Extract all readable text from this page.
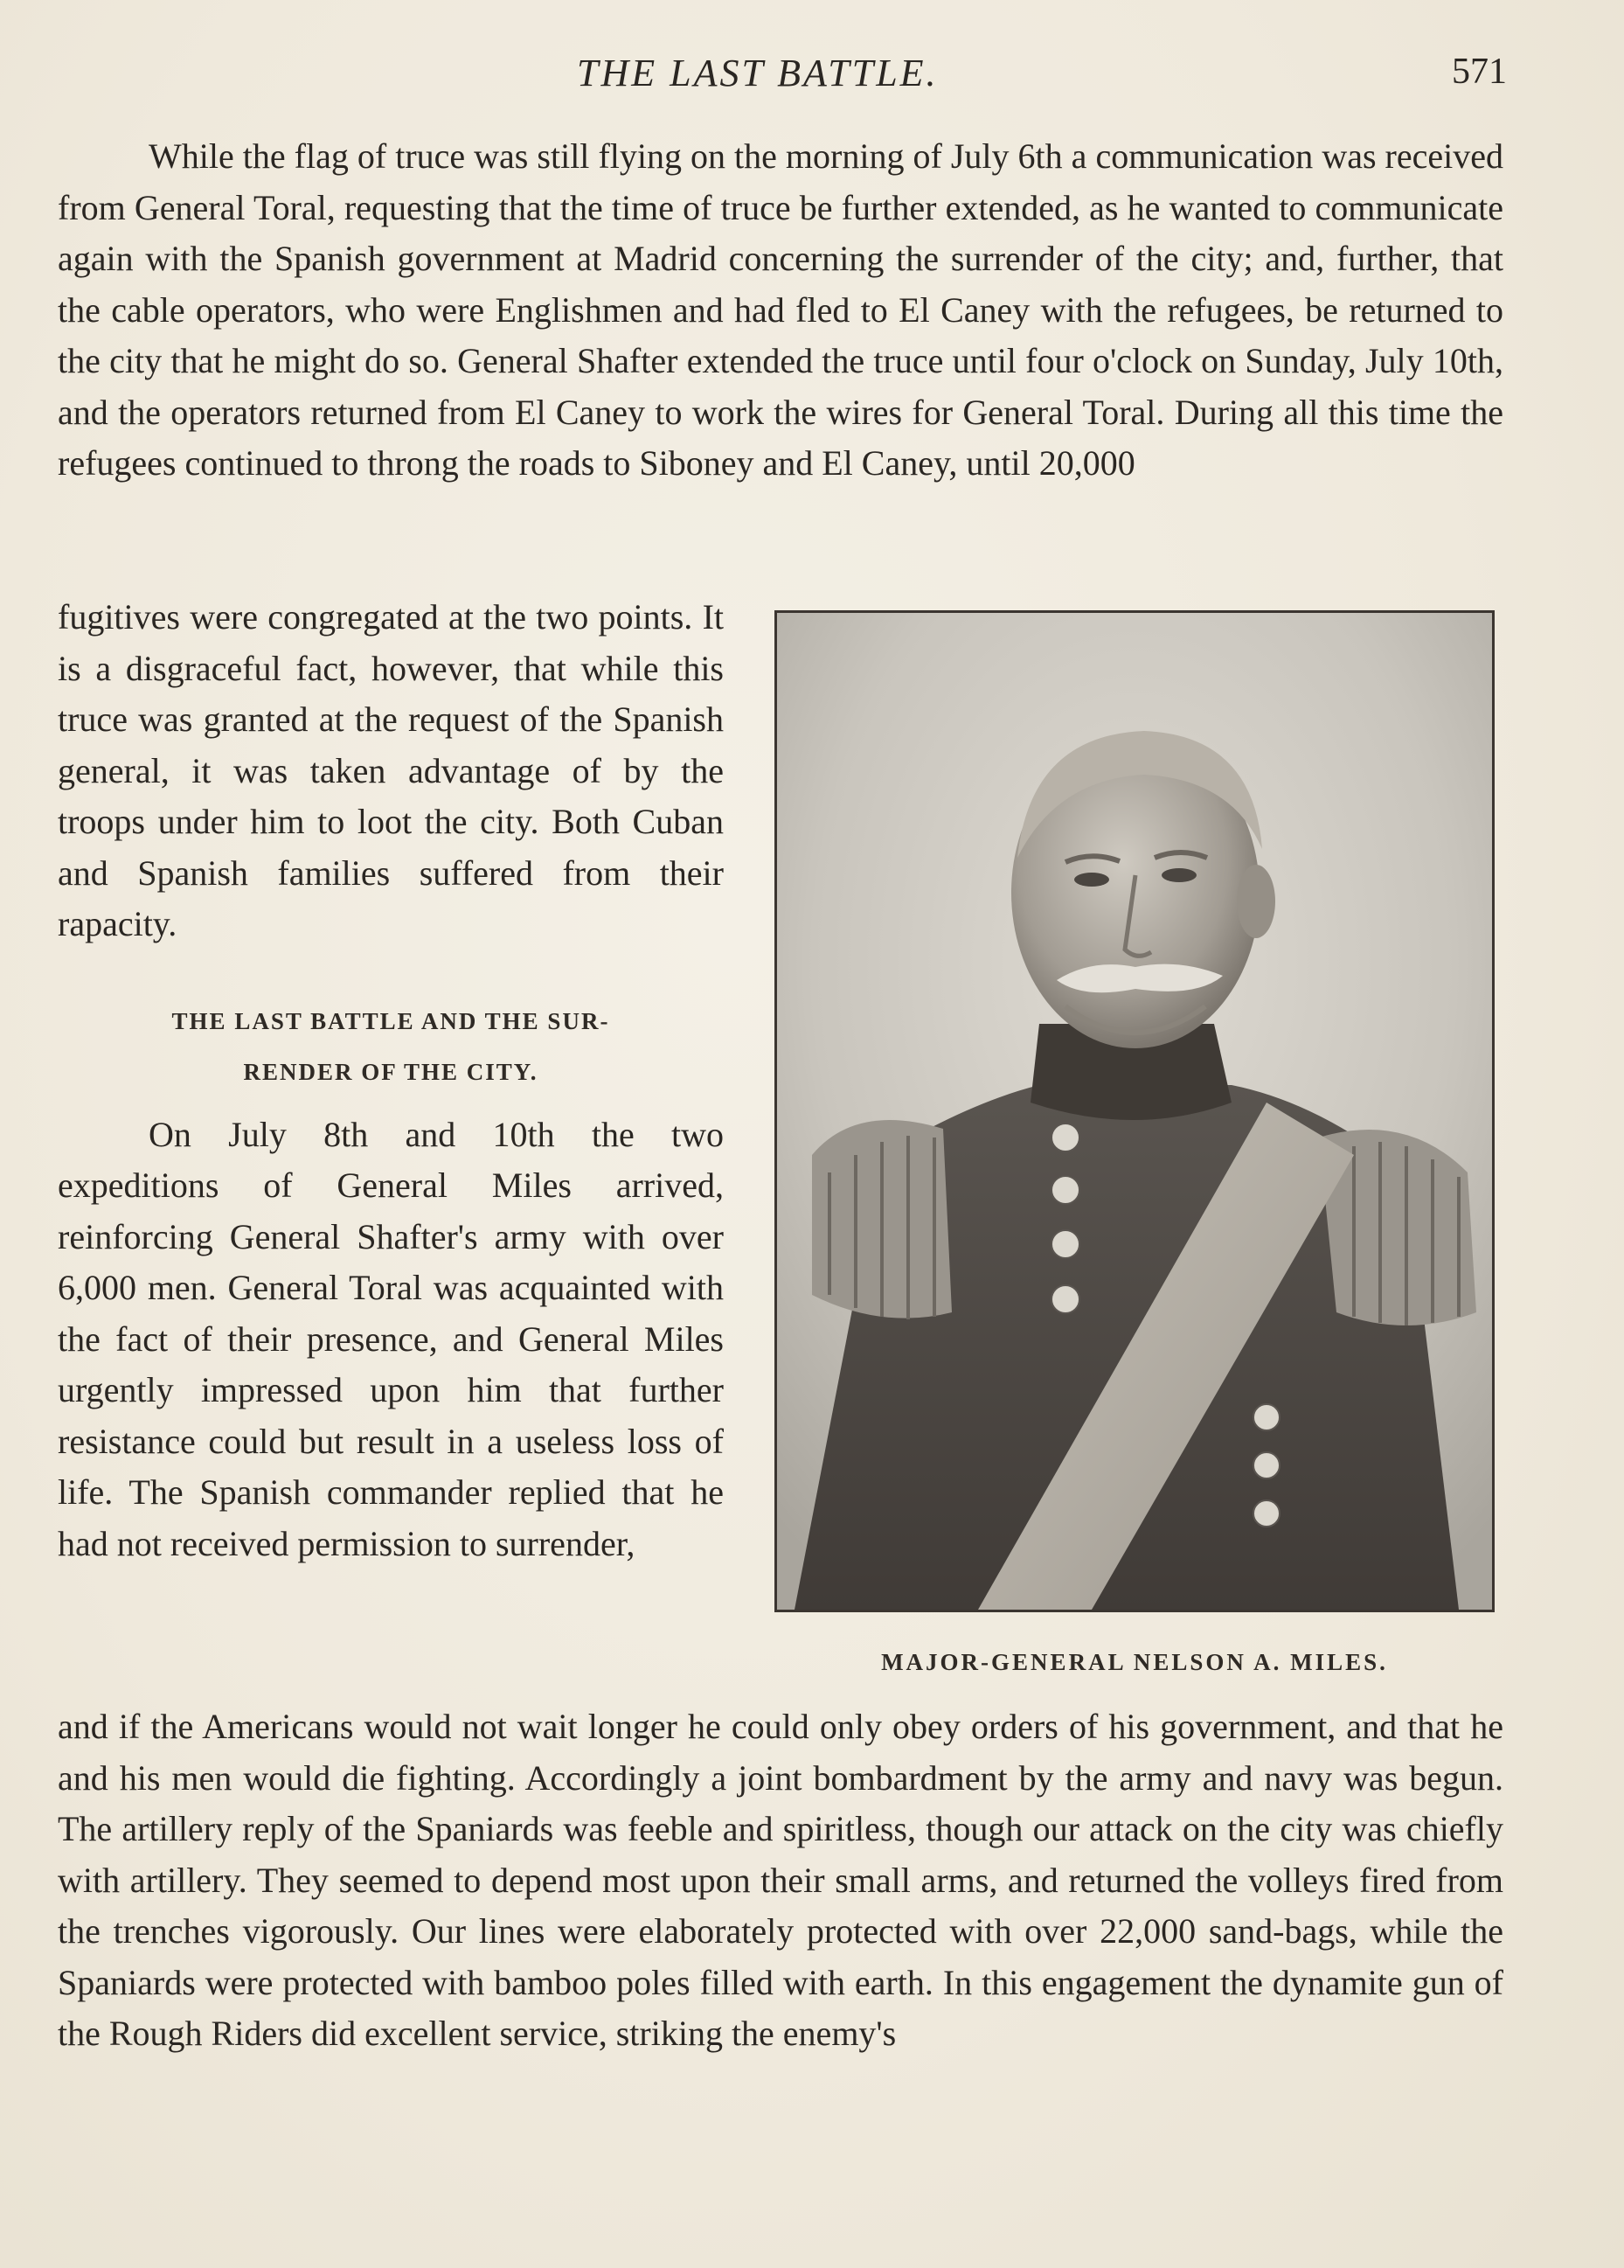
THE LAST BATTLE.	571

While the flag of truce was still flying on the morning of July 6th a communication was received from General Toral, requesting that the time of truce be further extended, as he wanted to communicate again with the Spanish government at Madrid concerning the surrender of the city; and, further, that the cable operators, who were Englishmen and had fled to El Caney with the refugees, be returned to the city that he might do so. General Shafter extended the truce until four o'clock on Sunday, July 10th, and the operators returned from El Caney to work the wires for General Toral. During all this time the refugees continued to throng the roads to Siboney and El Caney, until 20,000

fugitives were congregated at the two points. It is a disgraceful fact, however, that while this truce was granted at the request of the Spanish general, it was taken advantage of by the troops under him to loot the city. Both Cuban and Spanish families suffered from their rapacity.

THE LAST BATTLE AND THE SUR-
RENDER OF THE CITY.

On July 8th and 10th the two expeditions of General Miles arrived, reinforcing General Shafter's army with over 6,000 men. General Toral was acquainted with the fact of their presence, and General Miles urgently impressed upon him that further resistance could but result in a useless loss of life. The Spanish commander replied that he had not received permission to surrender,

MAJOR-GENERAL NELSON A. MILES.

and if the Americans would not wait longer he could only obey orders of his government, and that he and his men would die fighting. Accordingly a joint bombardment by the army and navy was begun. The artillery reply of the Spaniards was feeble and spiritless, though our attack on the city was chiefly with artillery. They seemed to depend most upon their small arms, and returned the volleys fired from the trenches vigorously. Our lines were elaborately protected with over 22,000 sand-bags, while the Spaniards were protected with bamboo poles filled with earth. In this engagement the dynamite gun of the Rough Riders did excellent service, striking the enemy's
